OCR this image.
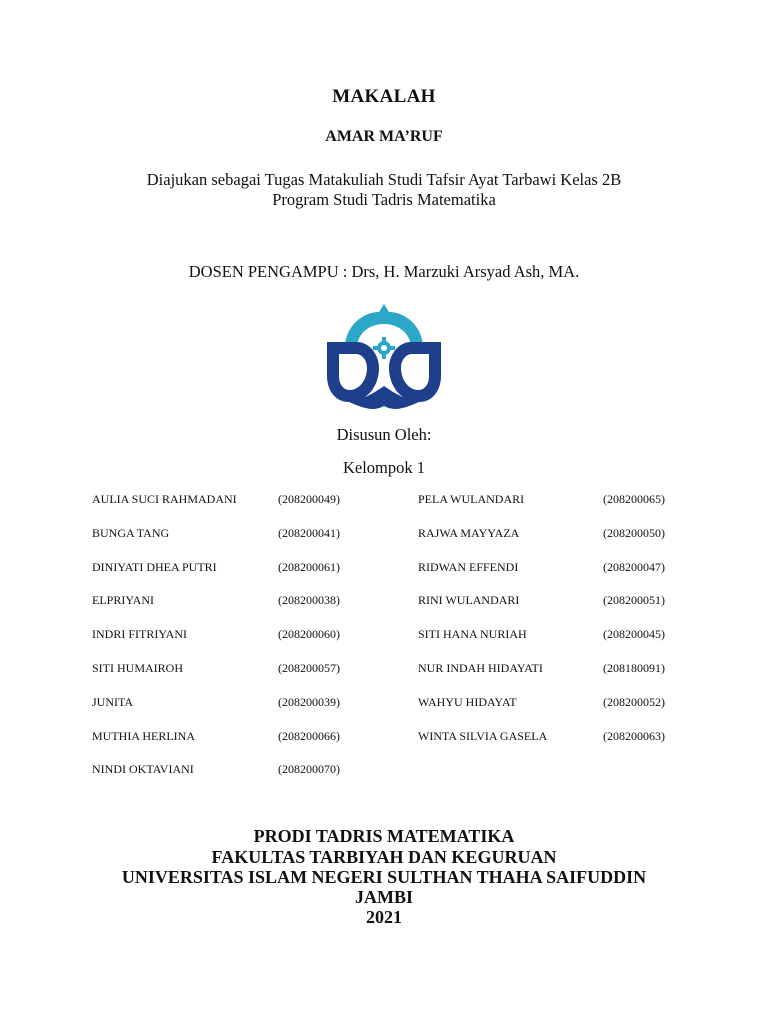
MAKALAH
AMAR MA’RUF
Diajukan sebagai Tugas Matakuliah Studi Tafsir Ayat Tarbawi Kelas 2B
Program Studi Tadris Matematika
DOSEN PENGAMPU : Drs, H. Marzuki Arsyad Ash, MA.
Disusun Oleh:
Kelompok 1
AULIA SUCI RAHMADANI	(208200049)	PELA WULANDARI	(208200065)
BUNGA TANG	(208200041)	RAJWA MAYYAZA	(208200050)
DINIYATI DHEA PUTRI	(208200061)	RIDWAN EFFENDI	(208200047)
ELPRIYANI	(208200038)	RINI WULANDARI	(208200051)
INDRI FITRIYANI	(208200060)	SITI HANA NURIAH	(208200045)
SITI HUMAIROH	(208200057)	NUR INDAH HIDAYATI	(208180091)
JUNITA	(208200039)	WAHYU HIDAYAT	(208200052)
MUTHIA HERLINA	(208200066)	WINTA SILVIA GASELA	(208200063)
NINDI OKTAVIANI	(208200070)
PRODI TADRIS MATEMATIKA
FAKULTAS TARBIYAH DAN KEGURUAN
UNIVERSITAS ISLAM NEGERI SULTHAN THAHA SAIFUDDIN
JAMBI
2021
